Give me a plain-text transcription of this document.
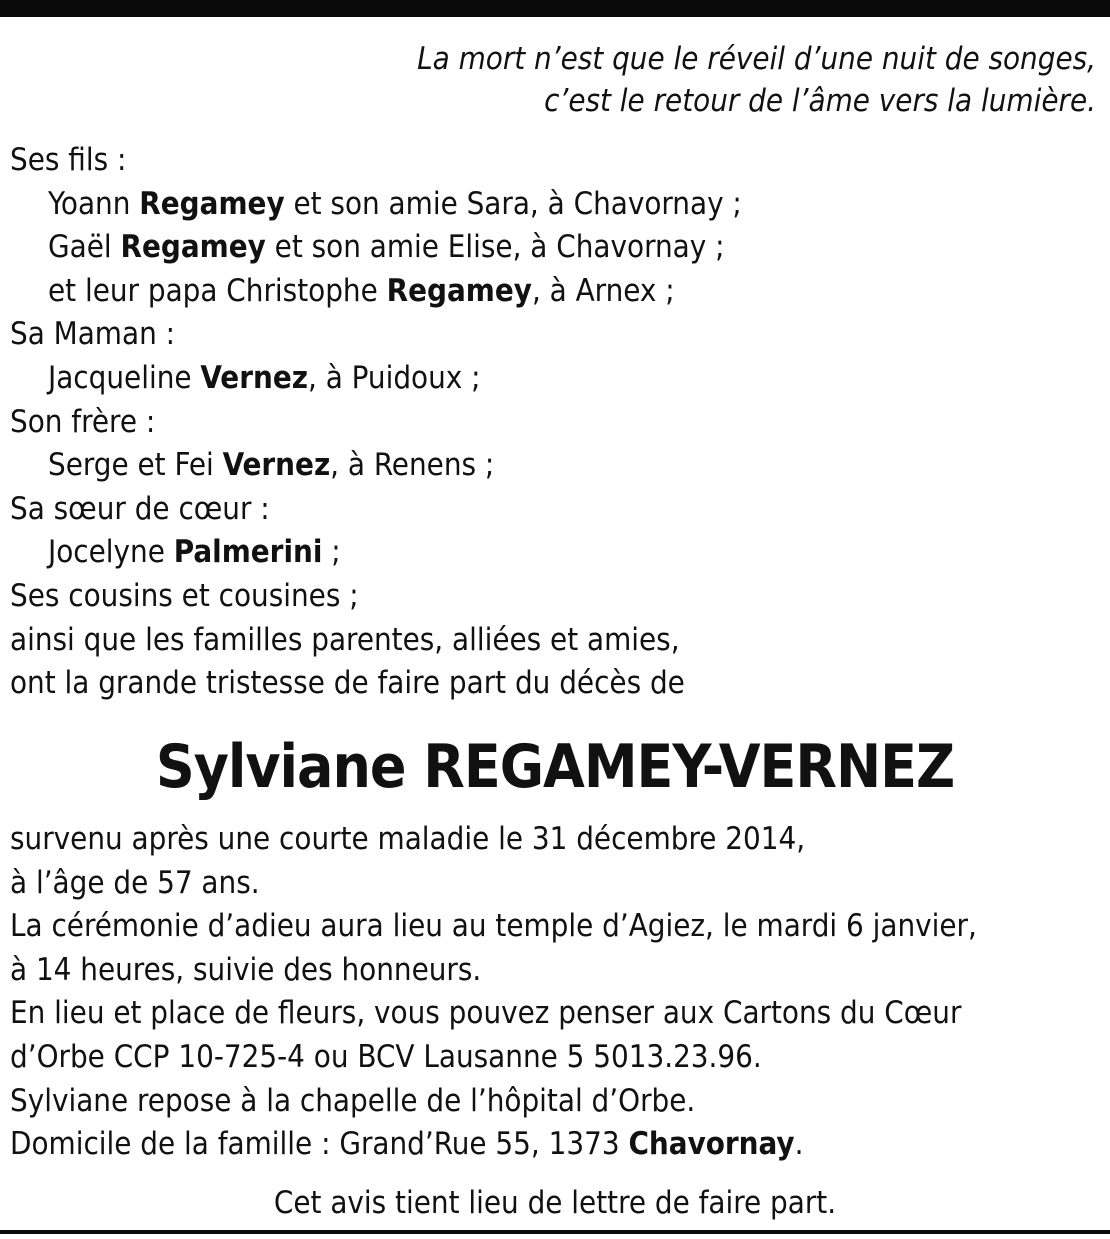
La mort n’est que le réveil d’une nuit de songes,
c’est le retour de l’âme vers la lumière.
Ses fils :
Yoann Regamey et son amie Sara, à Chavornay ;
Gaël Regamey et son amie Elise, à Chavornay ;
et leur papa Christophe Regamey, à Arnex ;
Sa Maman :
Jacqueline Vernez, à Puidoux ;
Son frère :
Serge et Fei Vernez, à Renens ;
Sa sœur de cœur :
Jocelyne Palmerini ;
Ses cousins et cousines ;
ainsi que les familles parentes, alliées et amies,
ont la grande tristesse de faire part du décès de
Sylviane REGAMEY-VERNEZ
survenu après une courte maladie le 31 décembre 2014,
à l’âge de 57 ans.
La cérémonie d’adieu aura lieu au temple d’Agiez, le mardi 6 janvier,
à 14 heures, suivie des honneurs.
En lieu et place de fleurs, vous pouvez penser aux Cartons du Cœur
d’Orbe CCP 10-725-4 ou BCV Lausanne 5 5013.23.96.
Sylviane repose à la chapelle de l’hôpital d’Orbe.
Domicile de la famille : Grand’Rue 55, 1373 Chavornay.
Cet avis tient lieu de lettre de faire part.
